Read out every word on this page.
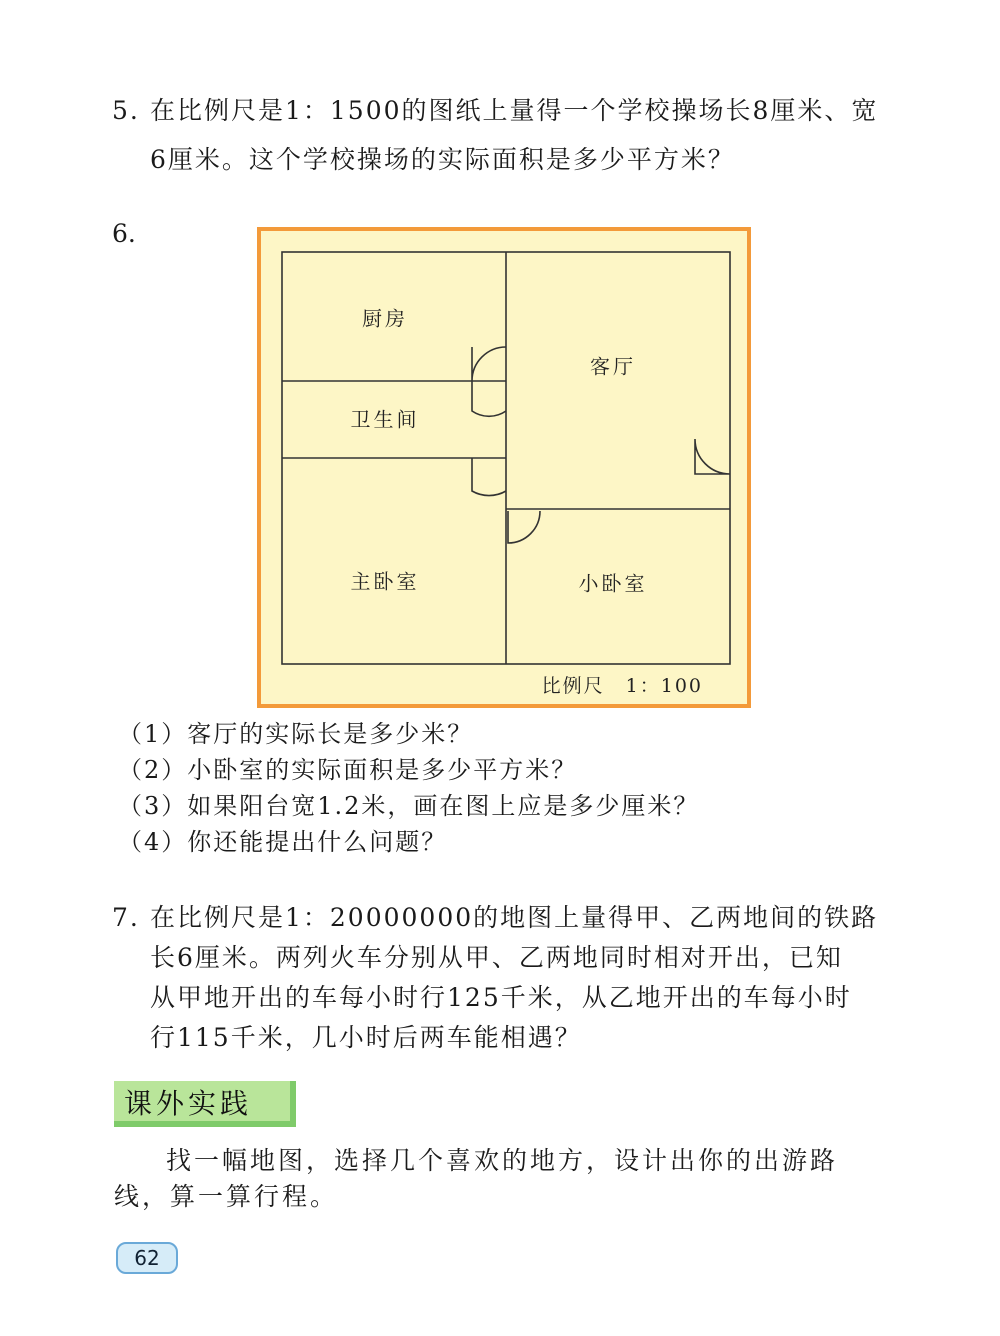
5. 在比例尺是1：1500的图纸上量得一个学校操场长8厘米、宽
6厘米。这个学校操场的实际面积是多少平方米？
6.
厨房
客厅
卫生间
主卧室	小卧室
比例尺　1：100
（1）客厅的实际长是多少米？
（2）小卧室的实际面积是多少平方米？
（3）如果阳台宽1.2米，画在图上应是多少厘米？
（4）你还能提出什么问题？
7. 在比例尺是1：20000000的地图上量得甲、乙两地间的铁路
长6厘米。两列火车分别从甲、乙两地同时相对开出，已知
从甲地开出的车每小时行125千米，从乙地开出的车每小时
行115千米，几小时后两车能相遇？
课外实践
找一幅地图，选择几个喜欢的地方，设计出你的出游路
线，算一算行程。
62
